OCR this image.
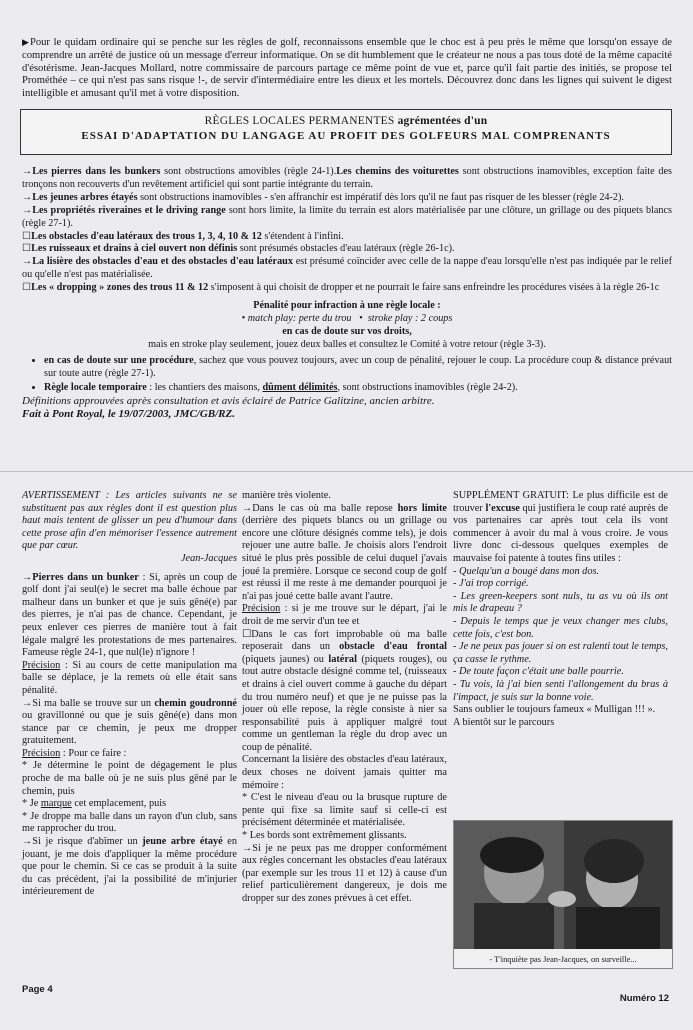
▶Pour le quidam ordinaire qui se penche sur les règles de golf, reconnaissons ensemble que le choc est à peu près le même que lorsqu'on essaye de comprendre un arrêté de justice où un message d'erreur informatique. On se dit humblement que le créateur ne nous a pas tous doté de la même capacité d'ésotérisme. Jean-Jacques Mollard, notre commissaire de parcours partage ce même point de vue et, parce qu'il fait partie des initiés, se propose tel Prométhée – ce qui n'est pas sans risque !-, de servir d'intermédiaire entre les dieux et les mortels. Découvrez donc dans les lignes qui suivent le digest intelligible et amusant qu'il met à votre disposition.
RÈGLES LOCALES PERMANENTES agrémentées d'un
ESSAI D'ADAPTATION DU LANGAGE AU PROFIT DES GOLFEURS MAL COMPRENANTS

→Les pierres dans les bunkers sont obstructions amovibles (règle 24-1).Les chemins des voiturettes sont obstructions inamovibles, exception faite des tronçons non recouverts d'un revêtement artificiel qui sont partie intégrante du terrain.

→Les jeunes arbres étayés sont obstructions inamovibles - s'en affranchir est impératif dès lors qu'il ne faut pas risquer de les blesser (règle 24-2).

→Les propriétés riveraines et le driving range sont hors limite, la limite du terrain est alors matérialisée par une clôture, un grillage ou des piquets blancs (règle 27-1).

☐Les obstacles d'eau latéraux des trous 1, 3, 4, 10 & 12 s'étendent à l'infini.

☐Les ruisseaux et drains à ciel ouvert non définis sont présumés obstacles d'eau latéraux (règle 26-1c).

→La lisière des obstacles d'eau et des obstacles d'eau latéraux est présumé coïncider avec celle de la nappe d'eau lorsqu'elle n'est pas indiquée par le relief ou qu'elle n'est pas matérialisée.

☐Les « dropping » zones des trous 11 & 12 s'imposent à qui choisit de dropper et ne pourrait le faire sans enfreindre les procédures visées à la règle 26-1c

Pénalité pour infraction à une règle locale :

• match play: perte du trou   •  stroke play : 2 coups

en cas de doute sur vos droits,

mais en stroke play seulement, jouez deux balles et consultez le Comité à votre retour (règle 3-3).

• en cas de doute sur une procédure, sachez que vous pouvez toujours, avec un coup de pénalité, rejouer le coup. La procédure coup & distance prévaut sur toute autre (règle 27-1).
• Règle locale temporaire : les chantiers des maisons, dûment délimités, sont obstructions inamovibles (règle 24-2).

Définitions approuvées après consultation et avis éclairé de Patrice Galitzine, ancien arbitre.

Fait à Pont Royal, le 19/07/2003, JMC/GB/RZ.

AVERTISSEMENT : Les articles suivants ne se substituent pas aux règles dont il est question plus haut mais tentent de glisser un peu d'humour dans cette prose afin d'en mémoriser l'essence autrement que par cœur.

Jean-Jacques

→Pierres dans un bunker : Si, après un coup de golf dont j'ai seul(e) le secret ma balle échoue par malheur dans un bunker et que je suis gêné(e) par des pierres, je n'ai pas de chance. Cependant, je peux enlever ces pierres de manière tout à fait légale malgré les protestations de mes partenaires. Fameuse règle 24-1, que nul(le) n'ignore !

Précision : Si au cours de cette manipulation ma balle se déplace, je la remets où elle était sans pénalité.

→Si ma balle se trouve sur un chemin goudronné ou gravillonné ou que je suis gêné(e) dans mon stance par ce chemin, je peux me dropper gratuitement.

Précision : Pour ce faire :

* Je détermine le point de dégagement le plus proche de ma balle où je ne suis plus gêné par le chemin, puis

* Je marque cet emplacement, puis

* Je droppe ma balle dans un rayon d'un club, sans me rapprocher du trou.

→Si je risque d'abîmer un jeune arbre étayé en jouant, je me dois d'appliquer la même procédure que pour le chemin. Si ce cas se produit à la suite du cas précédent, j'ai la possibilité de m'injurier intérieurement de

manière très violente.

→Dans le cas où ma balle repose hors limite (derrière des piquets blancs ou un grillage ou encore une clôture désignés comme tels), je dois rejouer une autre balle. Je choisis alors l'endroit situé le plus près possible de celui duquel j'avais joué la première. Lorsque ce second coup de golf est réussi il me reste à me demander pourquoi je n'ai pas joué cette balle avant l'autre.

Précision : si je me trouve sur le départ, j'ai le droit de me servir d'un tee et

☐Dans le cas fort improbable où ma balle reposerait dans un obstacle d'eau frontal (piquets jaunes) ou latéral (piquets rouges), ou tout autre obstacle désigné comme tel, (ruisseaux et drains à ciel ouvert comme à gauche du départ du trou numéro neuf) et que je ne puisse pas la jouer où elle repose, la règle consiste à nier sa responsabilité puis à appliquer malgré tout comme un gentleman la règle du drop avec un coup de pénalité.

Concernant la lisière des obstacles d'eau latéraux, deux choses ne doivent jamais quitter ma mémoire :

* C'est le niveau d'eau ou la brusque rupture de pente qui fixe sa limite sauf si celle-ci est précisément déterminée et matérialisée.

* Les bords sont extrêmement glissants.

→Si je ne peux pas me dropper conformément aux règles concernant les obstacles d'eau latéraux (par exemple sur les trous 11 et 12) à cause d'un relief particulièrement dangereux, je dois me dropper sur des zones prévues à cet effet.

SUPPLÉMENT GRATUIT: Le plus difficile est de trouver l'excuse qui justifiera le coup raté auprès de vos partenaires car après tout cela ils vont commencer à avoir du mal à vous croire. Je vous livre donc ci-dessous quelques exemples de mauvaise foi patente à toutes fins utiles :

- Quelqu'un a bougé dans mon dos.

- J'ai trop corrigé.

- Les green-keepers sont nuls, tu as vu où ils ont mis le drapeau ?

- Depuis le temps que je veux changer mes clubs, cette fois, c'est bon.

- Je ne peux pas jouer si on est ralenti tout le temps, ça casse le rythme.

- De toute façon c'était une balle pourrie.

- Tu vois, là j'ai bien senti l'allongement du bras à l'impact, je suis sur la bonne voie.

Sans oublier le toujours fameux « Mulligan !!! ».

A bientôt sur le parcours

- T'inquiète pas Jean-Jacques, on surveille...
Page 4
Numéro 12
